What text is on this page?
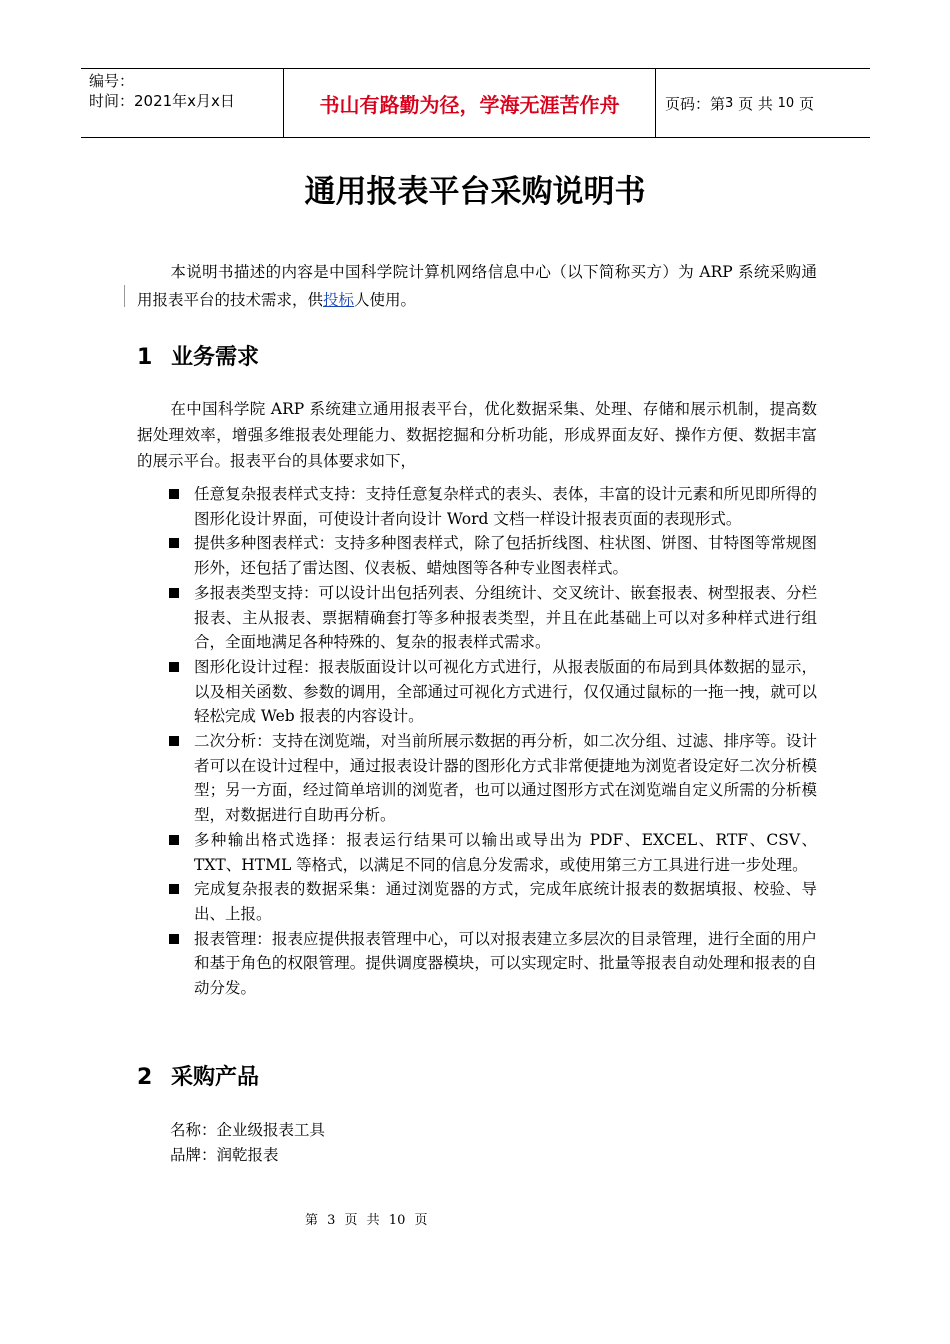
编号：
时间：2021年x月x日	书山有路勤为径，学海无涯苦作舟	页码：第 3
页 共
10
页
通用报表平台采购说明书
本说明书描述的内容是中国科学院计算机网络信息中心（以下简称买方）为 ARP 系统采购通用报表平台的技术需求，供投标人使用。
1 业务需求
在中国科学院 ARP 系统建立通用报表平台，优化数据采集、处理、存储和展示机制，提高数据处理效率，增强多维报表处理能力、数据挖掘和分析功能，形成界面友好、操作方便、数据丰富的展示平台。报表平台的具体要求如下，
任意复杂报表样式支持：支持任意复杂样式的表头、表体，丰富的设计元素和所见即所得的图形化设计界面，可使设计者向设计 Word 文档一样设计报表页面的表现形式。
提供多种图表样式：支持多种图表样式，除了包括折线图、柱状图、饼图、甘特图等常规图形外，还包括了雷达图、仪表板、蜡烛图等各种专业图表样式。
多报表类型支持：可以设计出包括列表、分组统计、交叉统计、嵌套报表、树型报表、分栏报表、主从报表、票据精确套打等多种报表类型，并且在此基础上可以对多种样式进行组合，全面地满足各种特殊的、复杂的报表样式需求。
图形化设计过程：报表版面设计以可视化方式进行，从报表版面的布局到具体数据的显示，以及相关函数、参数的调用，全部通过可视化方式进行，仅仅通过鼠标的一拖一拽，就可以轻松完成 Web 报表的内容设计。
二次分析：支持在浏览端，对当前所展示数据的再分析，如二次分组、过滤、排序等。设计者可以在设计过程中，通过报表设计器的图形化方式非常便捷地为浏览者设定好二次分析模型；另一方面，经过简单培训的浏览者，也可以通过图形方式在浏览端自定义所需的分析模型，对数据进行自助再分析。
多种输出格式选择：报表运行结果可以输出或导出为 PDF、EXCEL、RTF、CSV、TXT、HTML 等格式，以满足不同的信息分发需求，或使用第三方工具进行进一步处理。
完成复杂报表的数据采集：通过浏览器的方式，完成年底统计报表的数据填报、校验、导出、上报。
报表管理：报表应提供报表管理中心，可以对报表建立多层次的目录管理，进行全面的用户和基于角色的权限管理。提供调度器模块，可以实现定时、批量等报表自动处理和报表的自动分发。
2 采购产品
名称：企业级报表工具
品牌：润乾报表
第 3 页 共 10 页
